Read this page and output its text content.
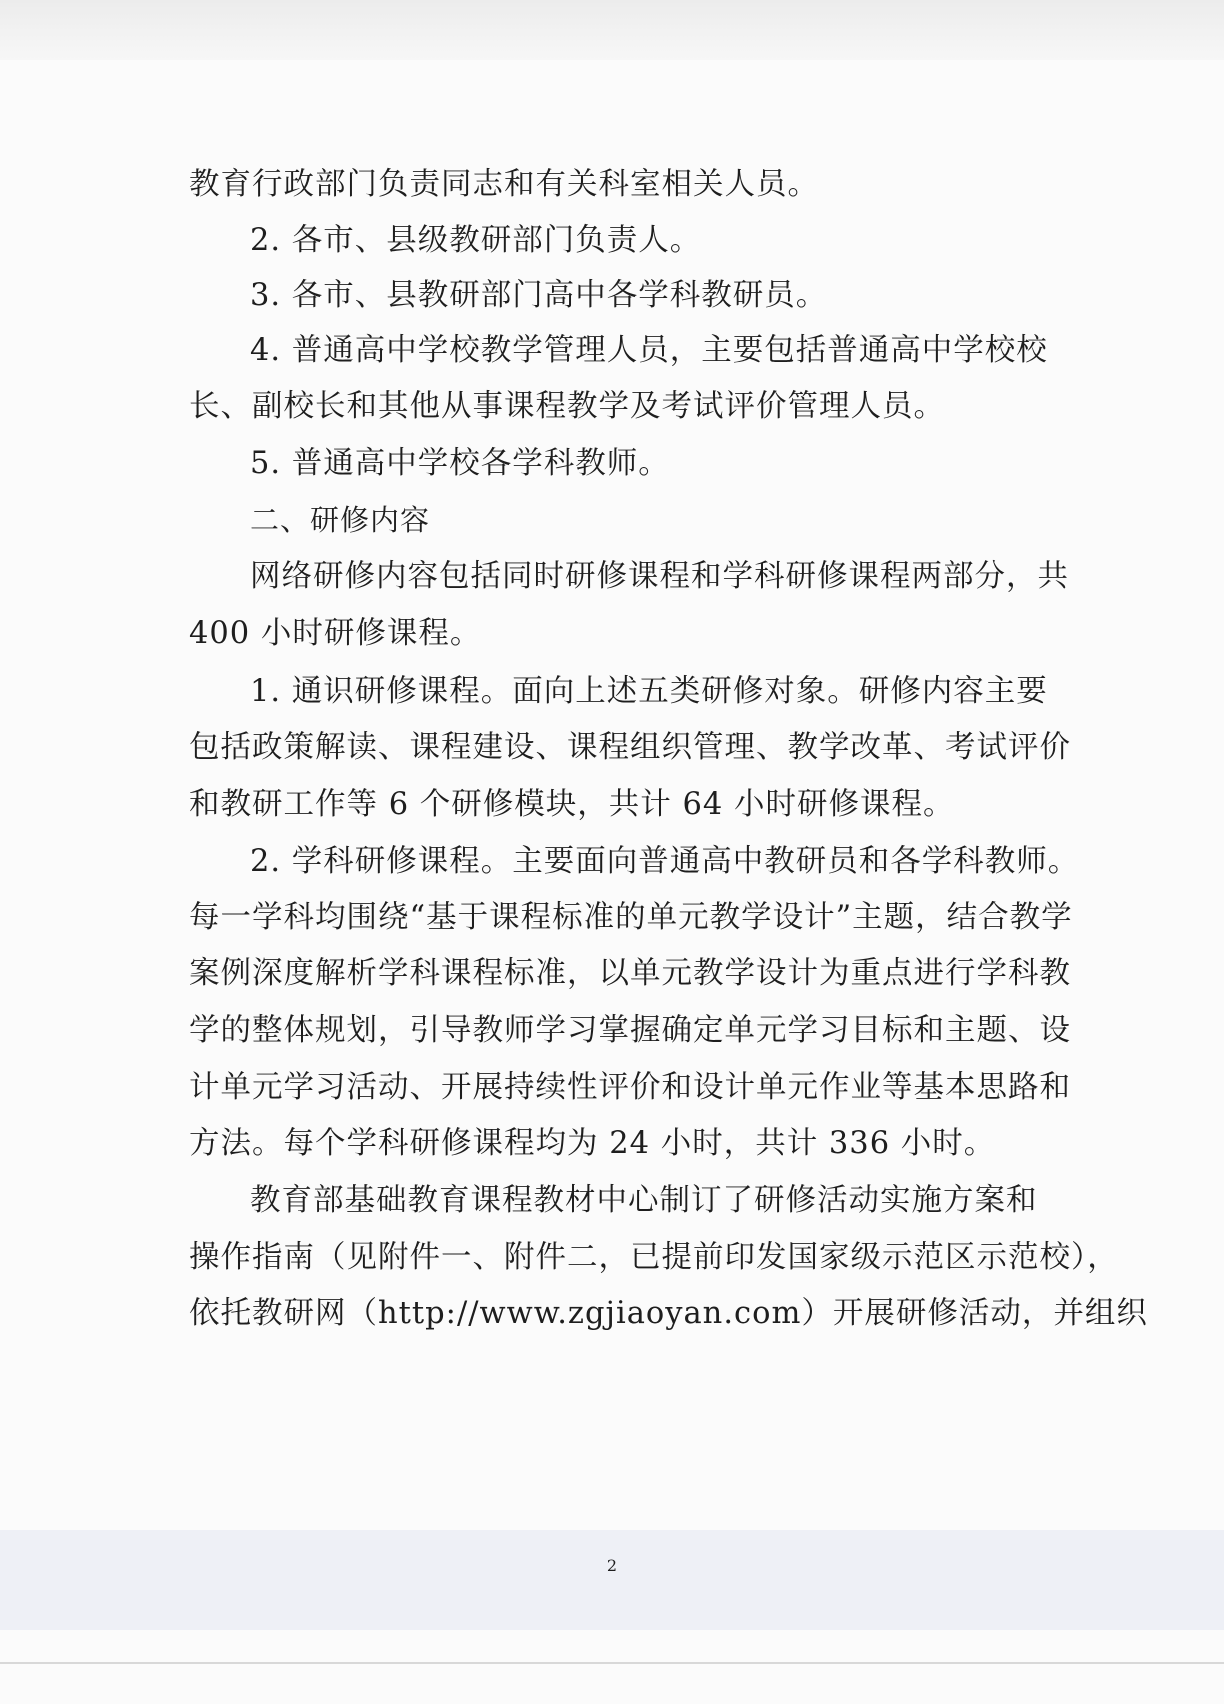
教育行政部门负责同志和有关科室相关人员。
2. 各市、县级教研部门负责人。
3. 各市、县教研部门高中各学科教研员。
4. 普通高中学校教学管理人员，主要包括普通高中学校校
长、副校长和其他从事课程教学及考试评价管理人员。
5. 普通高中学校各学科教师。
二、研修内容
网络研修内容包括同时研修课程和学科研修课程两部分，共
400 小时研修课程。
1. 通识研修课程。面向上述五类研修对象。研修内容主要
包括政策解读、课程建设、课程组织管理、教学改革、考试评价
和教研工作等 6 个研修模块，共计 64 小时研修课程。
2. 学科研修课程。主要面向普通高中教研员和各学科教师。
每一学科均围绕“基于课程标准的单元教学设计”主题，结合教学
案例深度解析学科课程标准，以单元教学设计为重点进行学科教
学的整体规划，引导教师学习掌握确定单元学习目标和主题、设
计单元学习活动、开展持续性评价和设计单元作业等基本思路和
方法。每个学科研修课程均为 24 小时，共计 336 小时。
教育部基础教育课程教材中心制订了研修活动实施方案和
操作指南（见附件一、附件二，已提前印发国家级示范区示范校），
依托教研网（http://www.zgjiaoyan.com）开展研修活动，并组织
2
